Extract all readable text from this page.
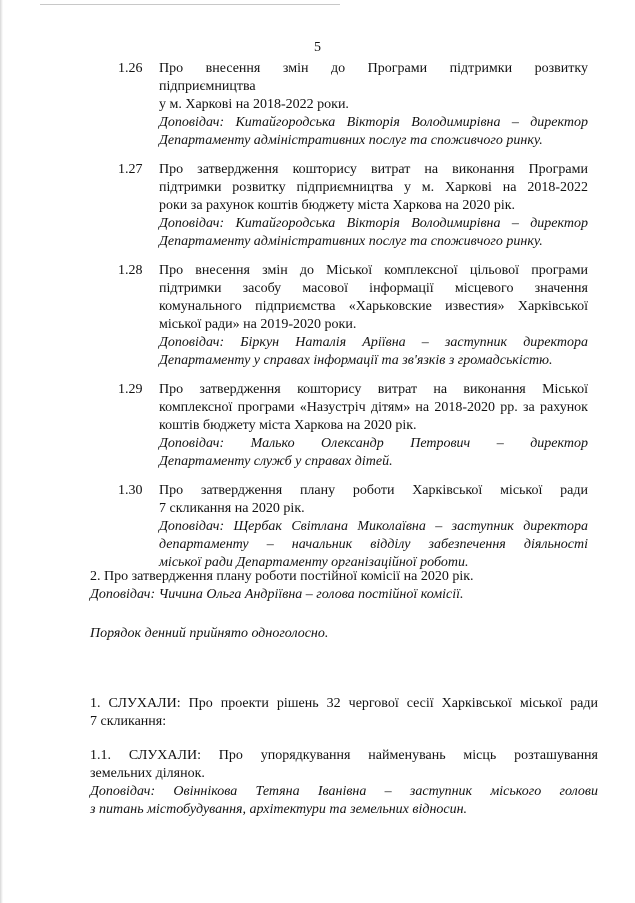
5
1.26 Про внесення змін до Програми підтримки розвитку
підприємництва
у м. Харкові на 2018-2022 роки.
Доповідач: Китайгородська Вікторія Володимирівна – директор
Департаменту адміністративних послуг та споживчого ринку.
1.27 Про затвердження кошторису витрат на виконання Програми
підтримки розвитку підприємництва у м. Харкові на 2018-2022
роки за рахунок коштів бюджету міста Харкова на 2020 рік.
Доповідач: Китайгородська Вікторія Володимирівна – директор
Департаменту адміністративних послуг та споживчого ринку.
1.28 Про внесення змін до Міської комплексної цільової програми
підтримки засобу масової інформації місцевого значення
комунального підприємства «Харьковские известия» Харківської
міської ради» на 2019-2020 роки.
Доповідач: Біркун Наталія Аріївна – заступник директора
Департаменту у справах інформації та зв'язків з громадськістю.
1.29 Про затвердження кошторису витрат на виконання Міської
комплексної програми «Назустріч дітям» на 2018-2020 рр. за рахунок
коштів бюджету міста Харкова на 2020 рік.
Доповідач: Малько Олександр Петрович – директор
Департаменту служб у справах дітей.
1.30 Про затвердження плану роботи Харківської міської ради
7 скликання на 2020 рік.
Доповідач: Щербак Світлана Миколаївна – заступник директора
департаменту – начальник відділу забезпечення діяльності
міської ради Департаменту організаційної роботи.
2. Про затвердження плану роботи постійної комісії на 2020 рік.
Доповідач: Чичина Ольга Андріївна – голова постійної комісії.
Порядок денний прийнято одноголосно.
1. СЛУХАЛИ: Про проекти рішень 32 чергової сесії Харківської міської ради
7 скликання:
1.1. СЛУХАЛИ: Про упорядкування найменувань місць розташування
земельних ділянок.
Доповідач: Овіннікова Тетяна Іванівна – заступник міського голови
з питань містобудування, архітектури та земельних відносин.
